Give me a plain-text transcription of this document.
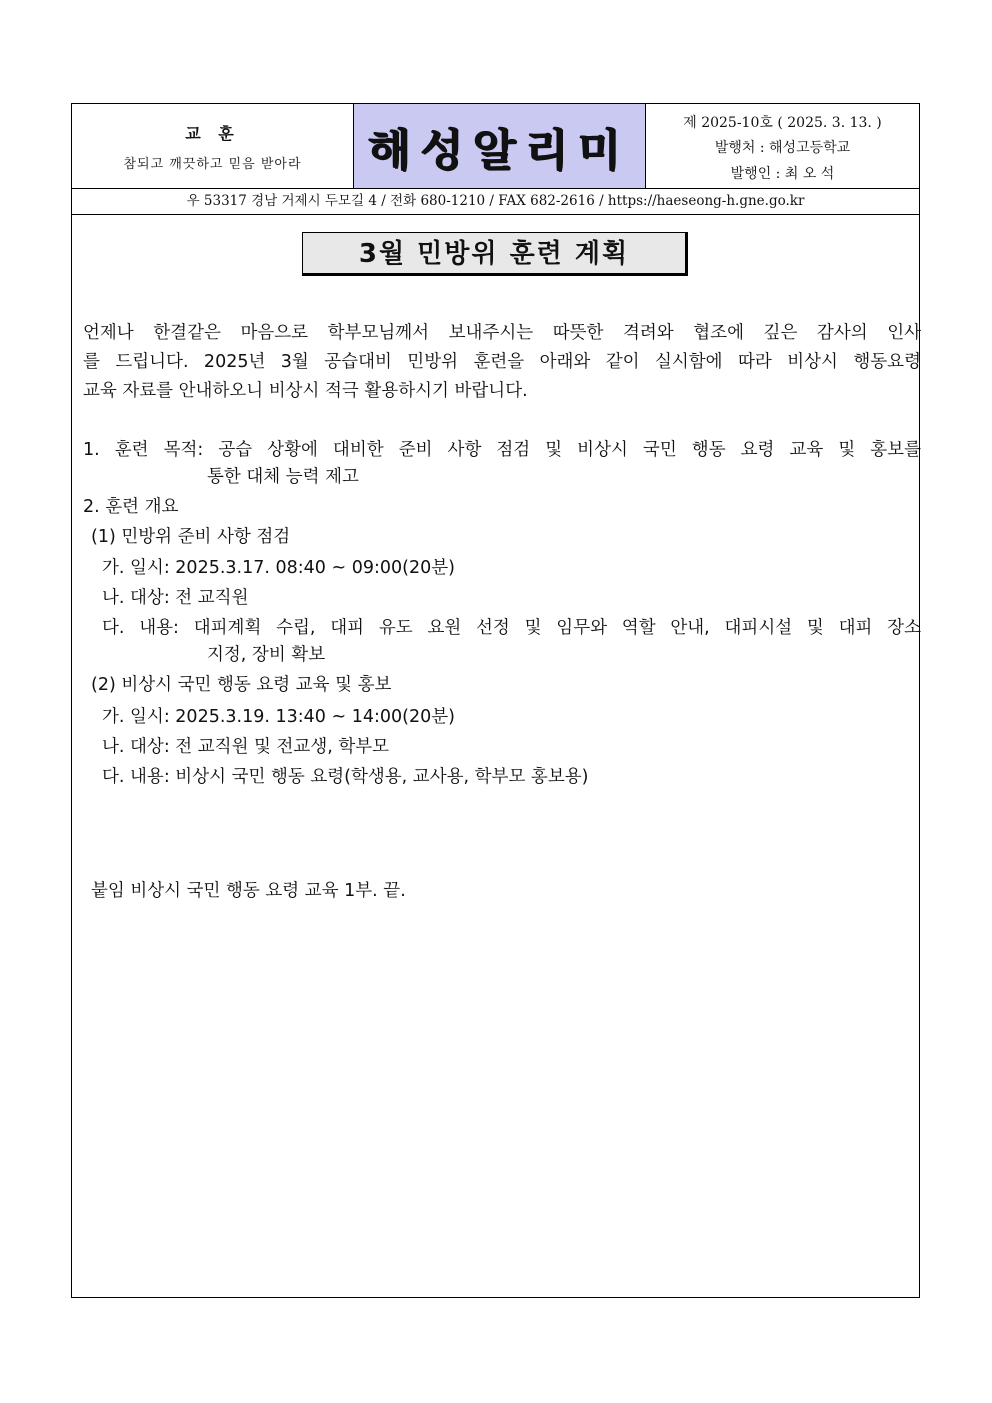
교 훈
참되고 깨끗하고 믿음 받아라	해성알리미
제 2025-10호 ( 2025. 3. 13. )
발행처 : 해성고등학교
발행인 : 최 오 석
우 53317 경남 거제시 두모길 4 / 전화 680-1210 / FAX 682-2616 / https://haeseong-h.gne.go.kr
3월 민방위 훈련 계획
언제나 한결같은 마음으로 학부모님께서 보내주시는 따뜻한 격려와 협조에 깊은 감사의 인사
를 드립니다. 2025년 3월 공습대비 민방위 훈련을 아래와 같이 실시함에 따라 비상시 행동요령
교육 자료를 안내하오니 비상시 적극 활용하시기 바랍니다.
1. 훈련 목적: 공습 상황에 대비한 준비 사항 점검 및 비상시 국민 행동 요령 교육 및 홍보를
통한 대체 능력 제고
2. 훈련 개요
(1) 민방위 준비 사항 점검
가. 일시: 2025.3.17. 08:40 ~ 09:00(20분)
나. 대상: 전 교직원
다. 내용: 대피계획 수립, 대피 유도 요원 선정 및 임무와 역할 안내, 대피시설 및 대피 장소
지정, 장비 확보
(2) 비상시 국민 행동 요령 교육 및 홍보
가. 일시: 2025.3.19. 13:40 ~ 14:00(20분)
나. 대상: 전 교직원 및 전교생, 학부모
다. 내용: 비상시 국민 행동 요령(학생용, 교사용, 학부모 홍보용)
붙임 비상시 국민 행동 요령 교육 1부. 끝.
